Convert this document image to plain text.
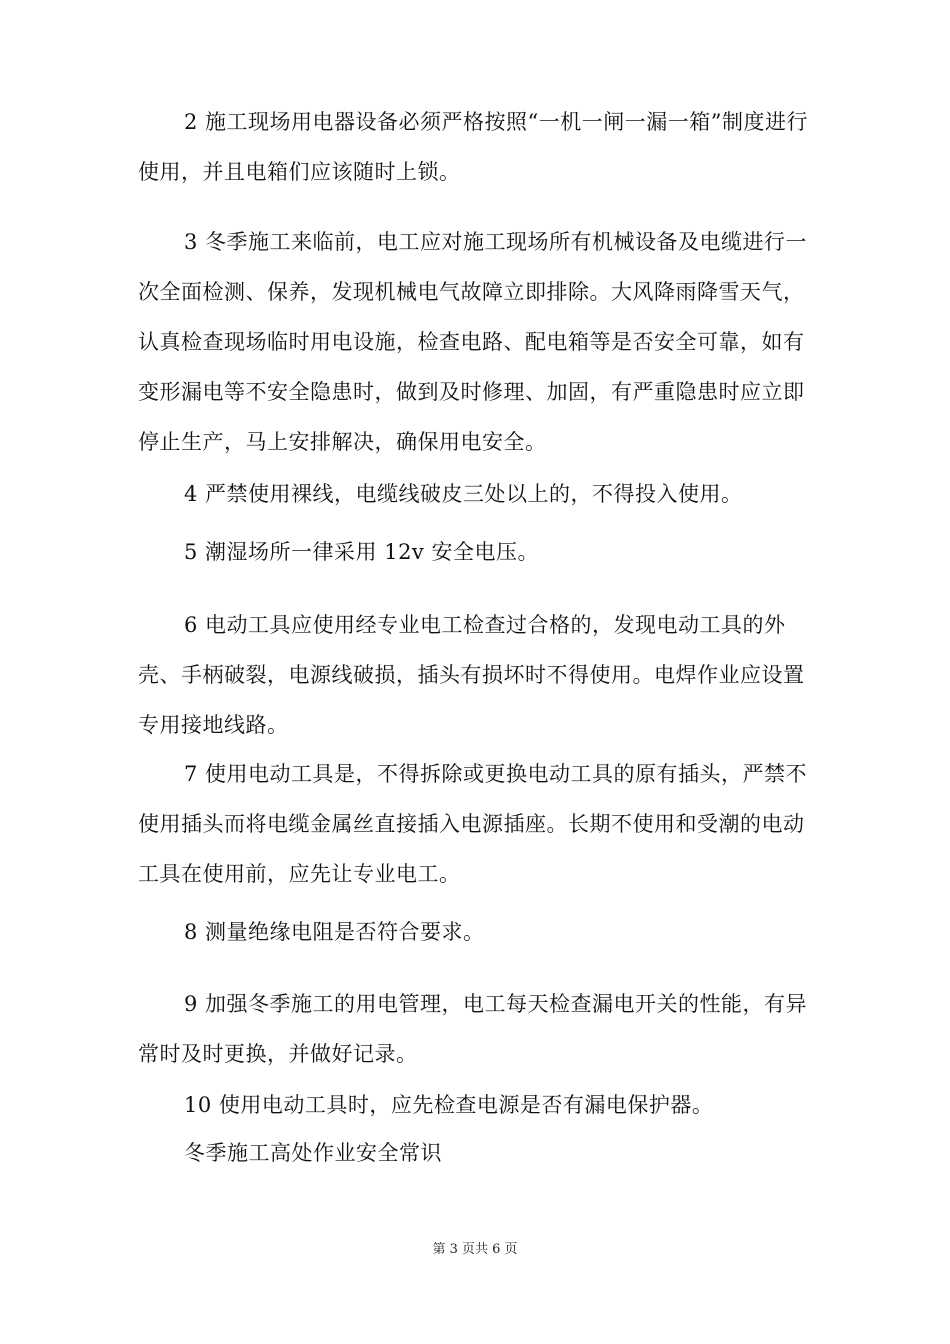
2 施工现场用电器设备必须严格按照“一机一闸一漏一箱”制度进行使用，并且电箱们应该随时上锁。

3 冬季施工来临前，电工应对施工现场所有机械设备及电缆进行一次全面检测、保养，发现机械电气故障立即排除。大风降雨降雪天气，认真检查现场临时用电设施，检查电路、配电箱等是否安全可靠，如有变形漏电等不安全隐患时，做到及时修理、加固，有严重隐患时应立即停止生产，马上安排解决，确保用电安全。

4 严禁使用裸线，电缆线破皮三处以上的，不得投入使用。

5 潮湿场所一律采用 12v 安全电压。

6 电动工具应使用经专业电工检查过合格的，发现电动工具的外壳、手柄破裂，电源线破损，插头有损坏时不得使用。电焊作业应设置专用接地线路。

7 使用电动工具是，不得拆除或更换电动工具的原有插头，严禁不使用插头而将电缆金属丝直接插入电源插座。长期不使用和受潮的电动工具在使用前，应先让专业电工。

8 测量绝缘电阻是否符合要求。

9 加强冬季施工的用电管理，电工每天检查漏电开关的性能，有异常时及时更换，并做好记录。

10 使用电动工具时，应先检查电源是否有漏电保护器。

冬季施工高处作业安全常识

第 3 页共 6 页
